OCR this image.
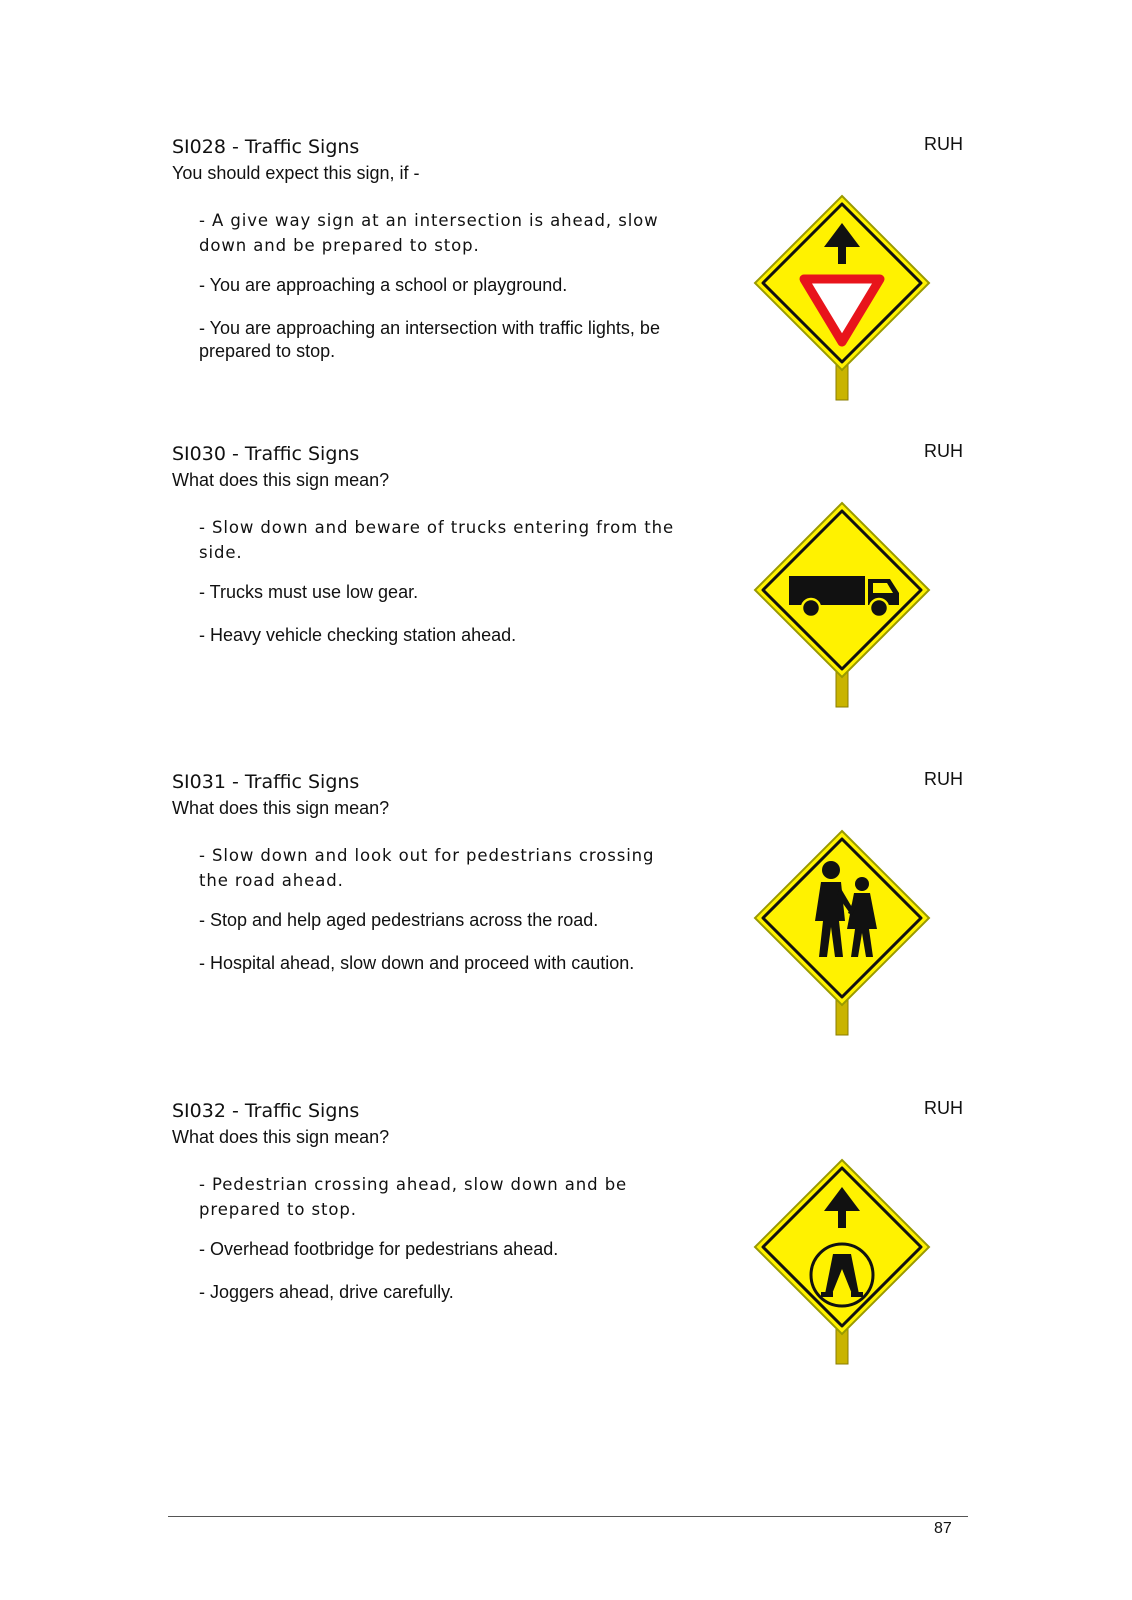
SI028 - Traffic Signs
You should expect this sign, if -
RUH

- A give way sign at an intersection is ahead, slow down and be prepared to stop.

- You are approaching a school or playground.

- You are approaching an intersection with traffic lights, be prepared to stop.

SI030 - Traffic Signs
What does this sign mean?
RUH

- Slow down and beware of trucks entering from the side.

- Trucks must use low gear.

- Heavy vehicle checking station ahead.

SI031 - Traffic Signs
What does this sign mean?
RUH

- Slow down and look out for pedestrians crossing the road ahead.

- Stop and help aged pedestrians across the road.

- Hospital ahead, slow down and proceed with caution.

SI032 - Traffic Signs
What does this sign mean?
RUH

- Pedestrian crossing ahead, slow down and be prepared to stop.

- Overhead footbridge for pedestrians ahead.

- Joggers ahead, drive carefully.

87
